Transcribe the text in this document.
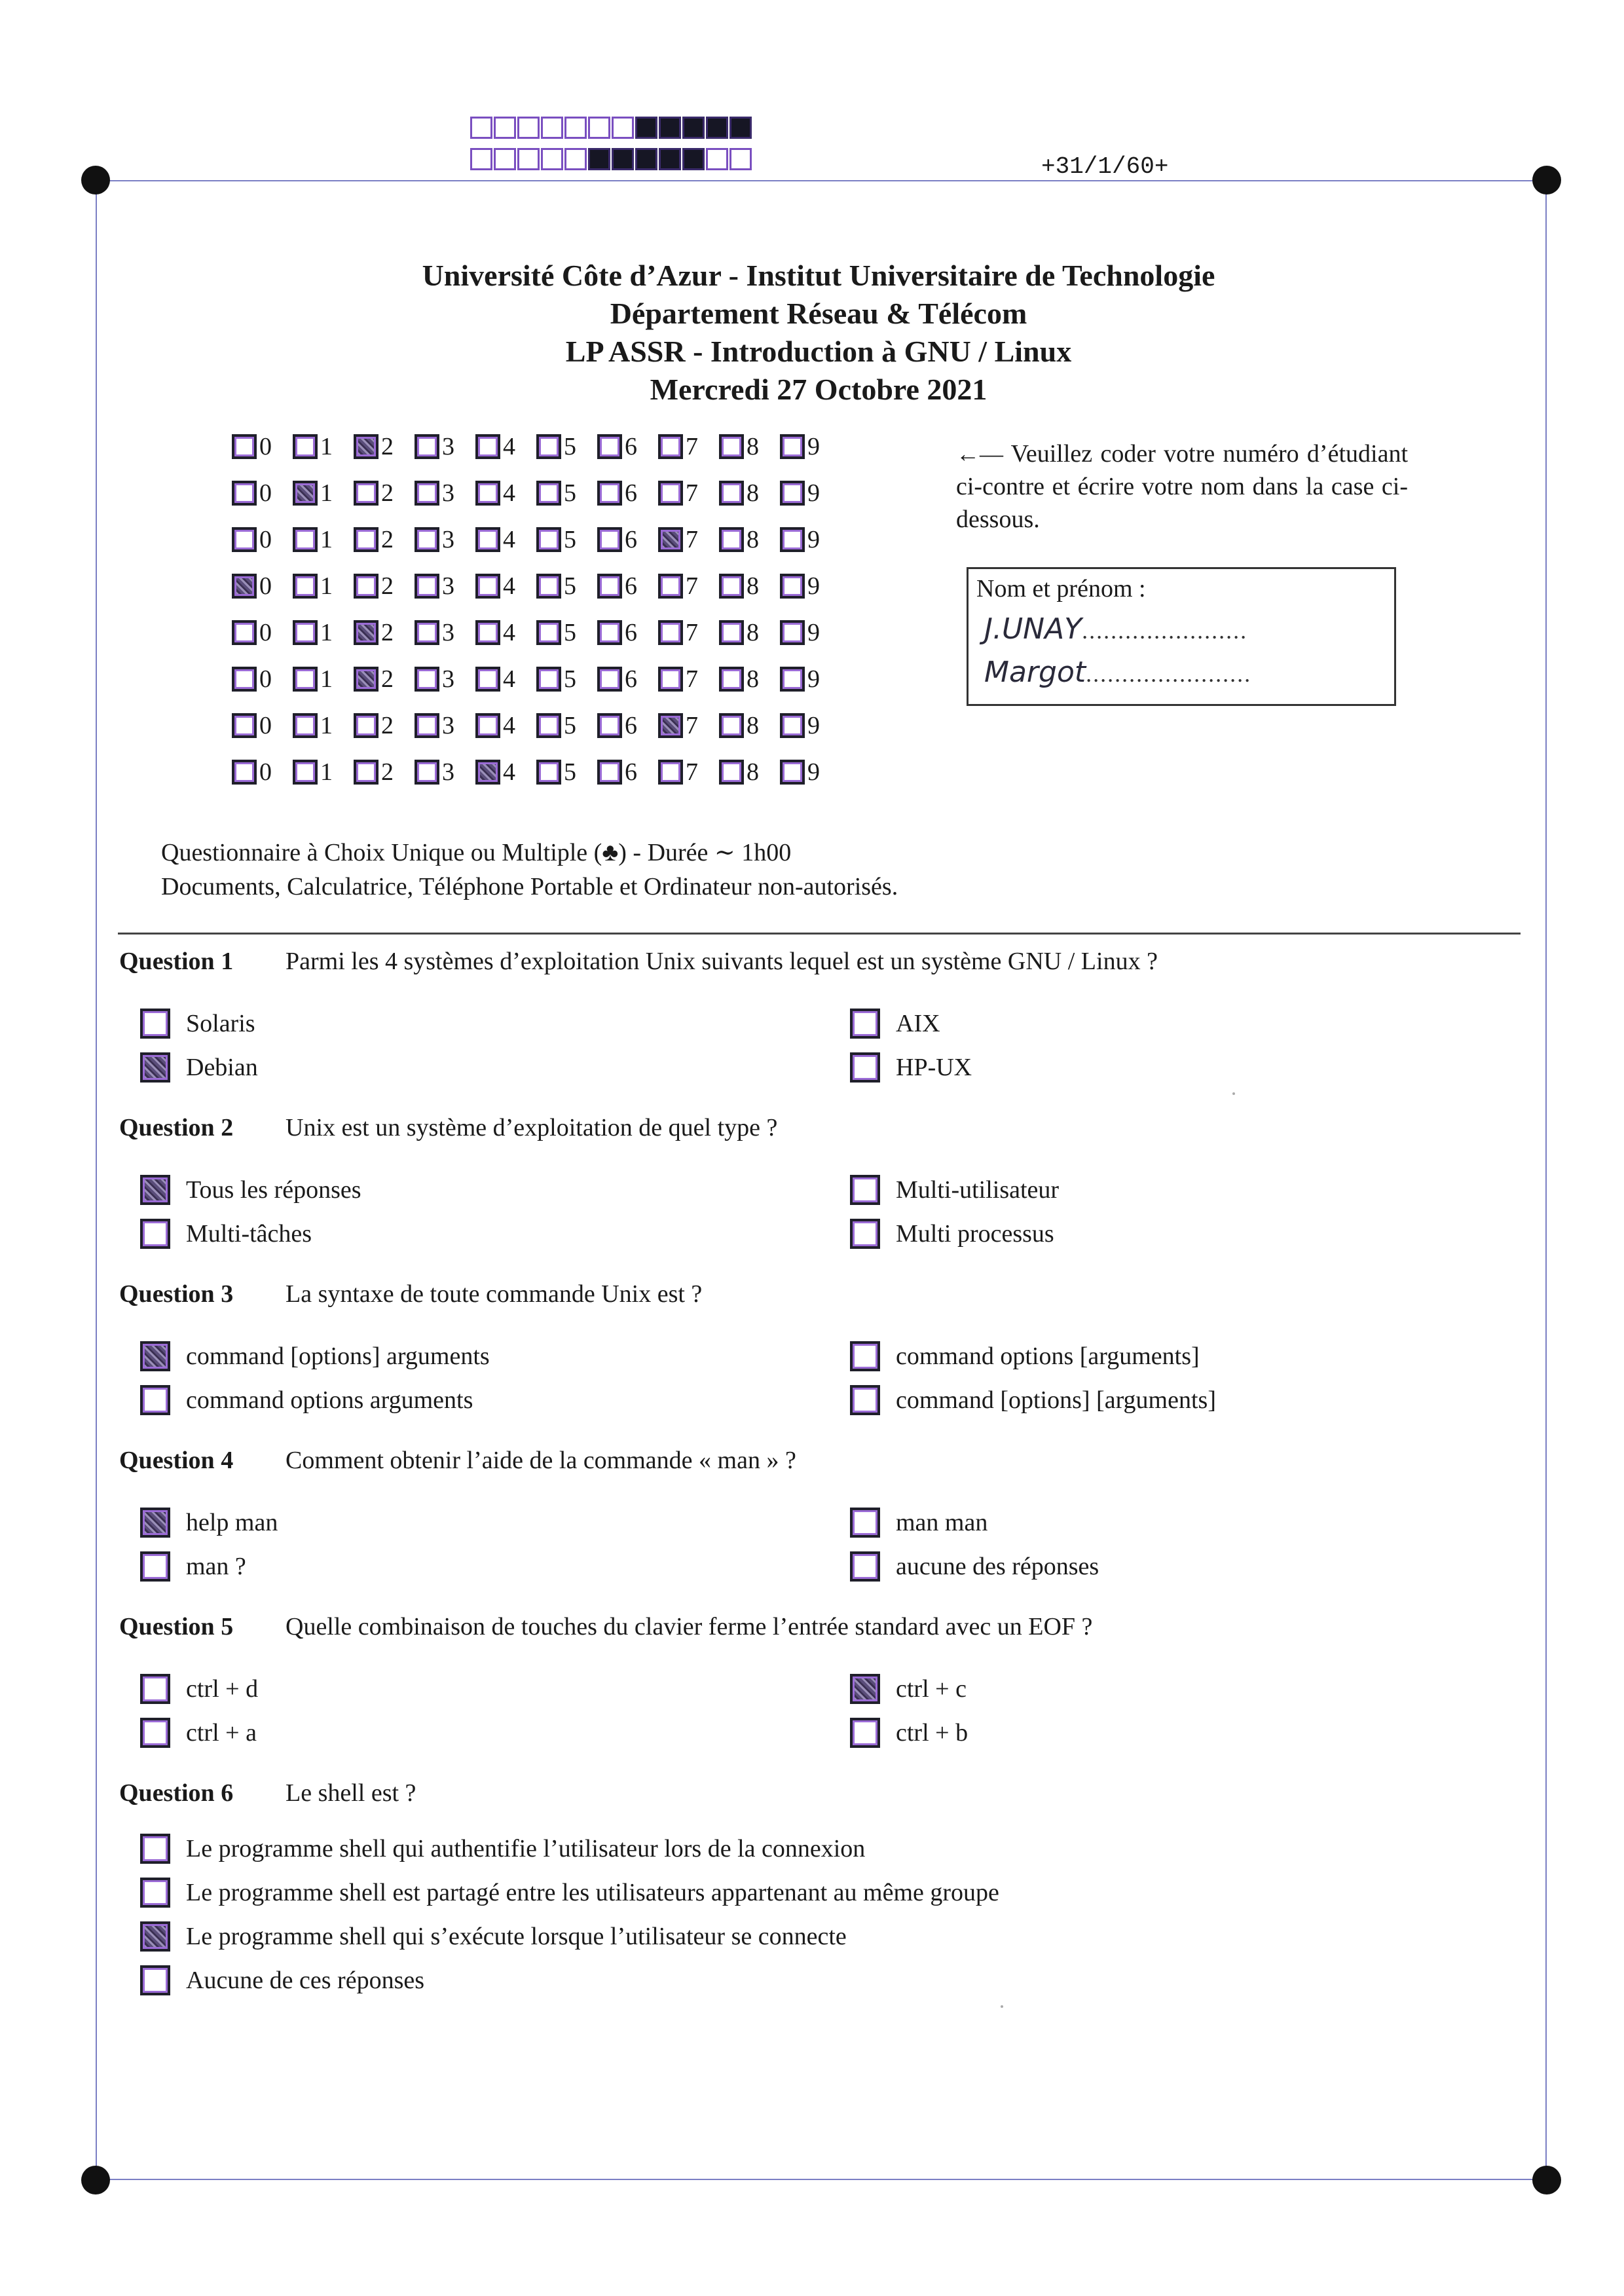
+31/1/60+
Université Côte d’Azur - Institut Universitaire de Technologie
Département Réseau & Télécom
LP ASSR - Introduction à GNU / Linux
Mercredi 27 Octobre 2021
0 1 2 3 4 5 6 7 8 9
0 1 2 3 4 5 6 7 8 9
0 1 2 3 4 5 6 7 8 9
0 1 2 3 4 5 6 7 8 9
0 1 2 3 4 5 6 7 8 9
0 1 2 3 4 5 6 7 8 9
0 1 2 3 4 5 6 7 8 9
0 1 2 3 4 5 6 7 8 9
←— Veuillez coder votre numéro d’étudiant ci-contre et écrire votre nom dans la case ci-dessous.
Nom et prénom :
J.UNAY.......................
Margot.......................
Questionnaire à Choix Unique ou Multiple (♣) - Durée ∼ 1h00
Documents, Calculatrice, Téléphone Portable et Ordinateur non-autorisés.
Question 1 Parmi les 4 systèmes d’exploitation Unix suivants lequel est un système GNU / Linux ?
Solaris
Debian
AIX
HP-UX
Question 2 Unix est un système d’exploitation de quel type ?
Tous les réponses
Multi-tâches
Multi-utilisateur
Multi processus
Question 3 La syntaxe de toute commande Unix est ?
command [options] arguments
command options arguments
command options [arguments]
command [options] [arguments]
Question 4 Comment obtenir l’aide de la commande « man » ?
help man
man ?
man man
aucune des réponses
Question 5 Quelle combinaison de touches du clavier ferme l’entrée standard avec un EOF ?
ctrl + d
ctrl + a
ctrl + c
ctrl + b
Question 6 Le shell est ?
Le programme shell qui authentifie l’utilisateur lors de la connexion
Le programme shell est partagé entre les utilisateurs appartenant au même groupe
Le programme shell qui s’exécute lorsque l’utilisateur se connecte
Aucune de ces réponses
